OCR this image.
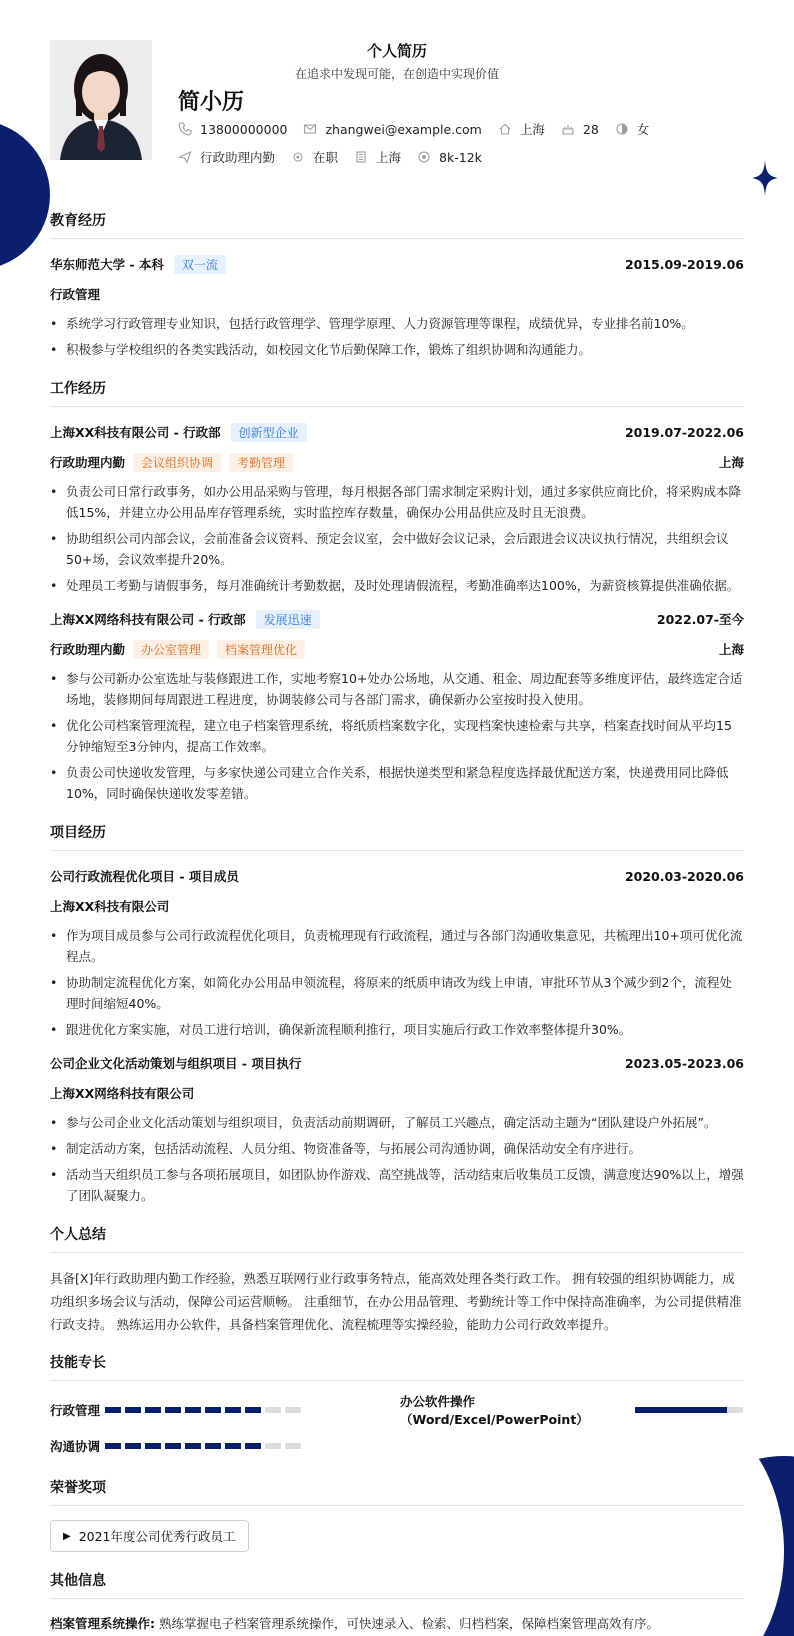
个人简历
在追求中发现可能，在创造中实现价值
简小历
13800000000	zhangwei@example.com	上海	28	女
行政助理内勤	在职	上海	8k-12k
教育经历
华东师范大学 - 本科	双一流	2015.09-2019.06
行政管理
• 系统学习行政管理专业知识，包括行政管理学、管理学原理、人力资源管理等课程，成绩优异，专业排名前10%。
• 积极参与学校组织的各类实践活动，如校园文化节后勤保障工作，锻炼了组织协调和沟通能力。
工作经历
上海XX科技有限公司 - 行政部	创新型企业	2019.07-2022.06
行政助理内勤	会议组织协调	考勤管理	上海
• 负责公司日常行政事务，如办公用品采购与管理，每月根据各部门需求制定采购计划，通过多家供应商比价，将采购成本降低15%，并建立办公用品库存管理系统，实时监控库存数量，确保办公用品供应及时且无浪费。
• 协助组织公司内部会议，会前准备会议资料、预定会议室，会中做好会议记录，会后跟进会议决议执行情况，共组织会议50+场，会议效率提升20%。
• 处理员工考勤与请假事务，每月准确统计考勤数据，及时处理请假流程，考勤准确率达100%，为薪资核算提供准确依据。
上海XX网络科技有限公司 - 行政部	发展迅速	2022.07-至今
行政助理内勤	办公室管理	档案管理优化	上海
• 参与公司新办公室选址与装修跟进工作，实地考察10+处办公场地，从交通、租金、周边配套等多维度评估，最终选定合适场地，装修期间每周跟进工程进度，协调装修公司与各部门需求，确保新办公室按时投入使用。
• 优化公司档案管理流程，建立电子档案管理系统，将纸质档案数字化，实现档案快速检索与共享，档案查找时间从平均15分钟缩短至3分钟内，提高工作效率。
• 负责公司快递收发管理，与多家快递公司建立合作关系，根据快递类型和紧急程度选择最优配送方案，快递费用同比降低10%，同时确保快递收发零差错。
项目经历
公司行政流程优化项目 - 项目成员	2020.03-2020.06
上海XX科技有限公司
• 作为项目成员参与公司行政流程优化项目，负责梳理现有行政流程，通过与各部门沟通收集意见，共梳理出10+项可优化流程点。
• 协助制定流程优化方案，如简化办公用品申领流程，将原来的纸质申请改为线上申请，审批环节从3个减少到2个，流程处理时间缩短40%。
• 跟进优化方案实施，对员工进行培训，确保新流程顺利推行，项目实施后行政工作效率整体提升30%。
公司企业文化活动策划与组织项目 - 项目执行	2023.05-2023.06
上海XX网络科技有限公司
• 参与公司企业文化活动策划与组织项目，负责活动前期调研，了解员工兴趣点，确定活动主题为“团队建设户外拓展”。
• 制定活动方案，包括活动流程、人员分组、物资准备等，与拓展公司沟通协调，确保活动安全有序进行。
• 活动当天组织员工参与各项拓展项目，如团队协作游戏、高空挑战等，活动结束后收集员工反馈，满意度达90%以上，增强了团队凝聚力。
个人总结
具备[X]年行政助理内勤工作经验，熟悉互联网行业行政事务特点，能高效处理各类行政工作。 拥有较强的组织协调能力，成功组织多场会议与活动，保障公司运营顺畅。 注重细节，在办公用品管理、考勤统计等工作中保持高准确率，为公司提供精准行政支持。 熟练运用办公软件，具备档案管理优化、流程梳理等实操经验，能助力公司行政效率提升。
技能专长
行政管理
办公软件操作（Word/Excel/PowerPoint）
沟通协调
荣誉奖项
▶ 2021年度公司优秀行政员工
其他信息
档案管理系统操作: 熟练掌握电子档案管理系统操作，可快速录入、检索、归档档案，保障档案管理高效有序。
